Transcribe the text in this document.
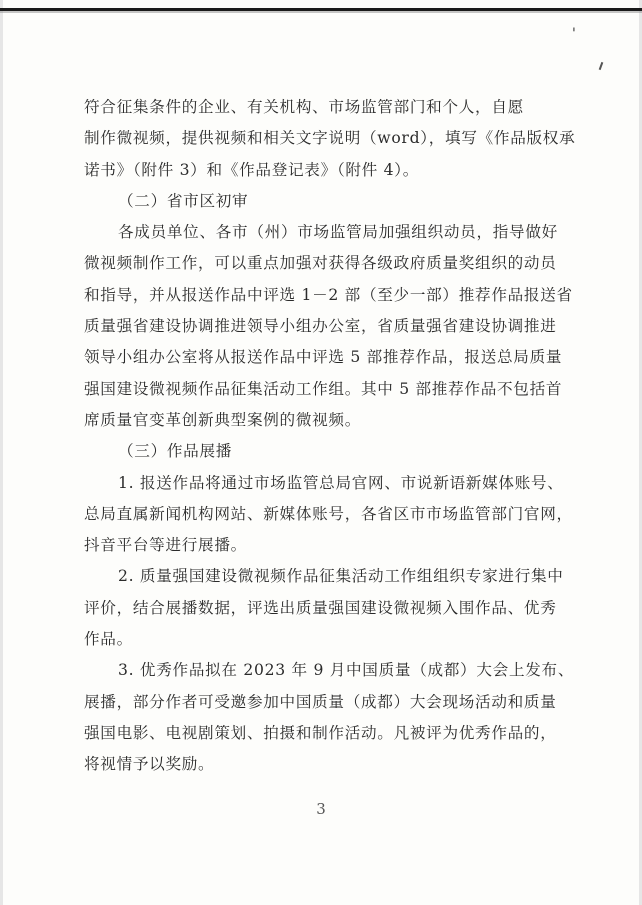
'
符合征集条件的企业、有关机构、市场监管部门和个人，自愿
制作微视频，提供视频和相关文字说明（word），填写《作品版权承
诺书》（附件 3）和《作品登记表》（附件 4）。
（二）省市区初审
各成员单位、各市（州）市场监管局加强组织动员，指导做好
微视频制作工作，可以重点加强对获得各级政府质量奖组织的动员
和指导，并从报送作品中评选 1－2 部（至少一部）推荐作品报送省
质量强省建设协调推进领导小组办公室，省质量强省建设协调推进
领导小组办公室将从报送作品中评选 5 部推荐作品，报送总局质量
强国建设微视频作品征集活动工作组。其中 5 部推荐作品不包括首
席质量官变革创新典型案例的微视频。
（三）作品展播
1. 报送作品将通过市场监管总局官网、市说新语新媒体账号、
总局直属新闻机构网站、新媒体账号，各省区市市场监管部门官网，
抖音平台等进行展播。
2. 质量强国建设微视频作品征集活动工作组组织专家进行集中
评价，结合展播数据，评选出质量强国建设微视频入围作品、优秀
作品。
3. 优秀作品拟在 2023 年 9 月中国质量（成都）大会上发布、
展播，部分作者可受邀参加中国质量（成都）大会现场活动和质量
强国电影、电视剧策划、拍摄和制作活动。凡被评为优秀作品的，
将视情予以奖励。
3
